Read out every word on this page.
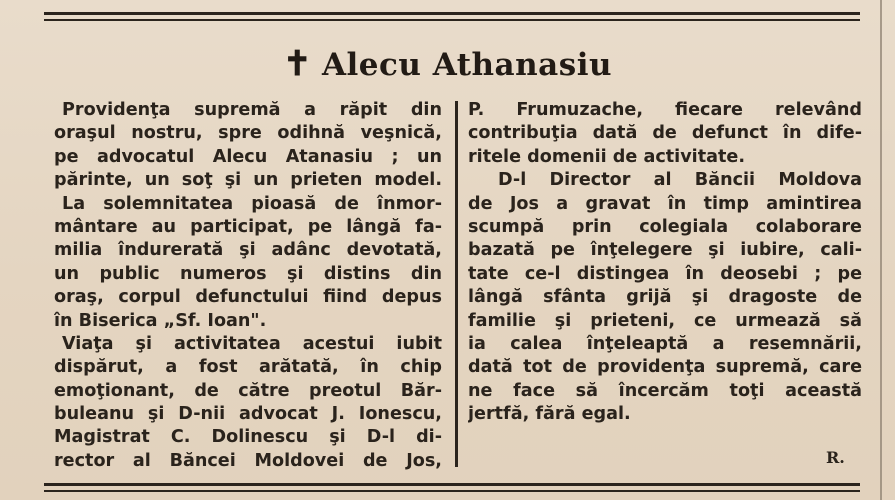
✝ Alecu Athanasiu
Providenţa supremă a răpit din
oraşul nostru, spre odihnă veşnică,
pe advocatul Alecu Atanasiu ; un
părinte, un soţ şi un prieten model.
La solemnitatea pioasă de înmor-
mântare au participat, pe lângă fa-
milia îndurerată şi adânc devotată,
un public numeros şi distins din
oraş, corpul defunctului fiind depus
în Biserica „Sf. Ioan".
Viaţa şi activitatea acestui iubit
dispărut, a fost arătată, în chip
emoţionant, de către preotul Băr-
buleanu şi D-nii advocat J. Ionescu,
Magistrat C. Dolinescu şi D-l di-
rector al Băncei Moldovei de Jos,
P. Frumuzache, fiecare relevând
contribuţia dată de defunct în dife-
ritele domenii de activitate.
D-l Director al Băncii Moldova
de Jos a gravat în timp amintirea
scumpă prin colegiala colaborare
bazată pe înţelegere şi iubire, cali-
tate ce-l distingea în deosebi ; pe
lângă sfânta grijă şi dragoste de
familie şi prieteni, ce urmează să
ia calea înţeleaptă a resemnării,
dată tot de providenţa supremă, care
ne face să încercăm toţi această
jertfă, fără egal.
R.
